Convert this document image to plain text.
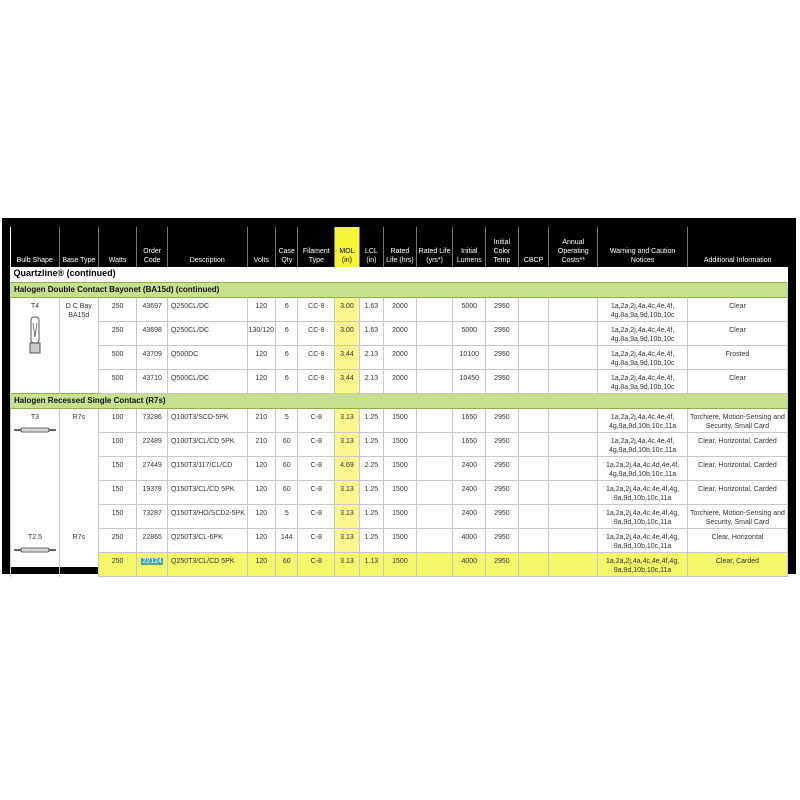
Bulb Shape	Base Type	Watts	Order Code	Description	Volts	Case Qty	Filament Type	MOL (in)	LCL (in)	Rated Life (hrs)	Rated Life (yrs*)	Initial Lumens	Initial Color Temp	CBCP	Annual Operating Costs**	Warning and Caution Notices	Additional Information
Quartzline® (continued)																	
Halogen Double Contact Bayonet (BA15d) (continued)																	

T4	D C Bay BA15d	250	43697	Q250CL/DC	120	6	CC-8	3.00	1.63	2000		5000	2950			1a,2a,2j,4a,4c,4e,4f, 4g,8a,9a,9d,10b,10c	Clear
		250	43698	Q250CL/DC	130/120	6	CC-8	3.00	1.63	2000		5000	2950			1a,2a,2j,4a,4c,4e,4f, 4g,8a,9a,9d,10b,10c	Clear
		500	43709	Q500DC	120	6	CC-8	3.44	2.13	2000		10100	2950			1a,2a,2j,4a,4c,4e,4f, 4g,8a,9a,9d,10b,10c	Frosted
		500	43710	Q500CL/DC	120	6	CC-8	3.44	2.13	2000		10450	2950			1a,2a,2j,4a,4c,4e,4f, 4g,8a,9a,9d,10b,10c	Clear
Halogen Recessed Single Contact (R7s)																	

T3	R7s	100	73286	Q100T3/SCD-5PK	210	5	C-8	3.13	1.25	1500		1650	2950			1a,2a,2j,4a,4c,4e,4f, 4g,9a,9d,10b,10c,11a	Torchiere, Motion-Sensing and Security, Small Card
		100	22489	Q100T3/CL/CD 5PK	210	60	C-8	3.13	1.25	1500		1650	2950			1a,2a,2j,4a,4c,4e,4f, 4g,9a,9d,10b,10c,11a	Clear, Horizontal, Carded
		150	27449	Q150T3/117/CL/CD	120	60	C-8	4.69	2.25	1500		2400	2950			1a,2a,2j,4a,4c,4d,4e,4f, 4g,9a,9d,10b,10c,11a	Clear, Horizontal, Carded
		150	19378	Q150T3/CL/CD 5PK	120	60	C-8	3.13	1.25	1500		2400	2950			1a,2a,2j,4a,4c,4e,4f,4g, 9a,9d,10b,10c,11a	Clear, Horizontal, Carded
		150	73287	Q150T3/HO/SCD2-5PK	120	5	C-8	3.13	1.25	1500		2400	2950			1a,2a,2j,4a,4c,4e,4f,4g, 9a,9d,10b,10c,11a	Torchiere, Motion-Sensing and Security, Small Card

T2.5	R7s	250	22865	Q250T3/CL-6PK	120	144	C-8	3.13	1.25	1500		4000	2950			1a,2a,2j,4a,4c,4e,4f,4g, 9a,9d,10b,10c,11a	Clear, Horizontal
		250	22124	Q250T3/CL/CD 5PK	120	60	C-8	3.13	1.13	1500		4000	2950			1a,2a,2j,4a,4c,4e,4f,4g, 9a,9d,10b,10c,11a	Clear, Carded
